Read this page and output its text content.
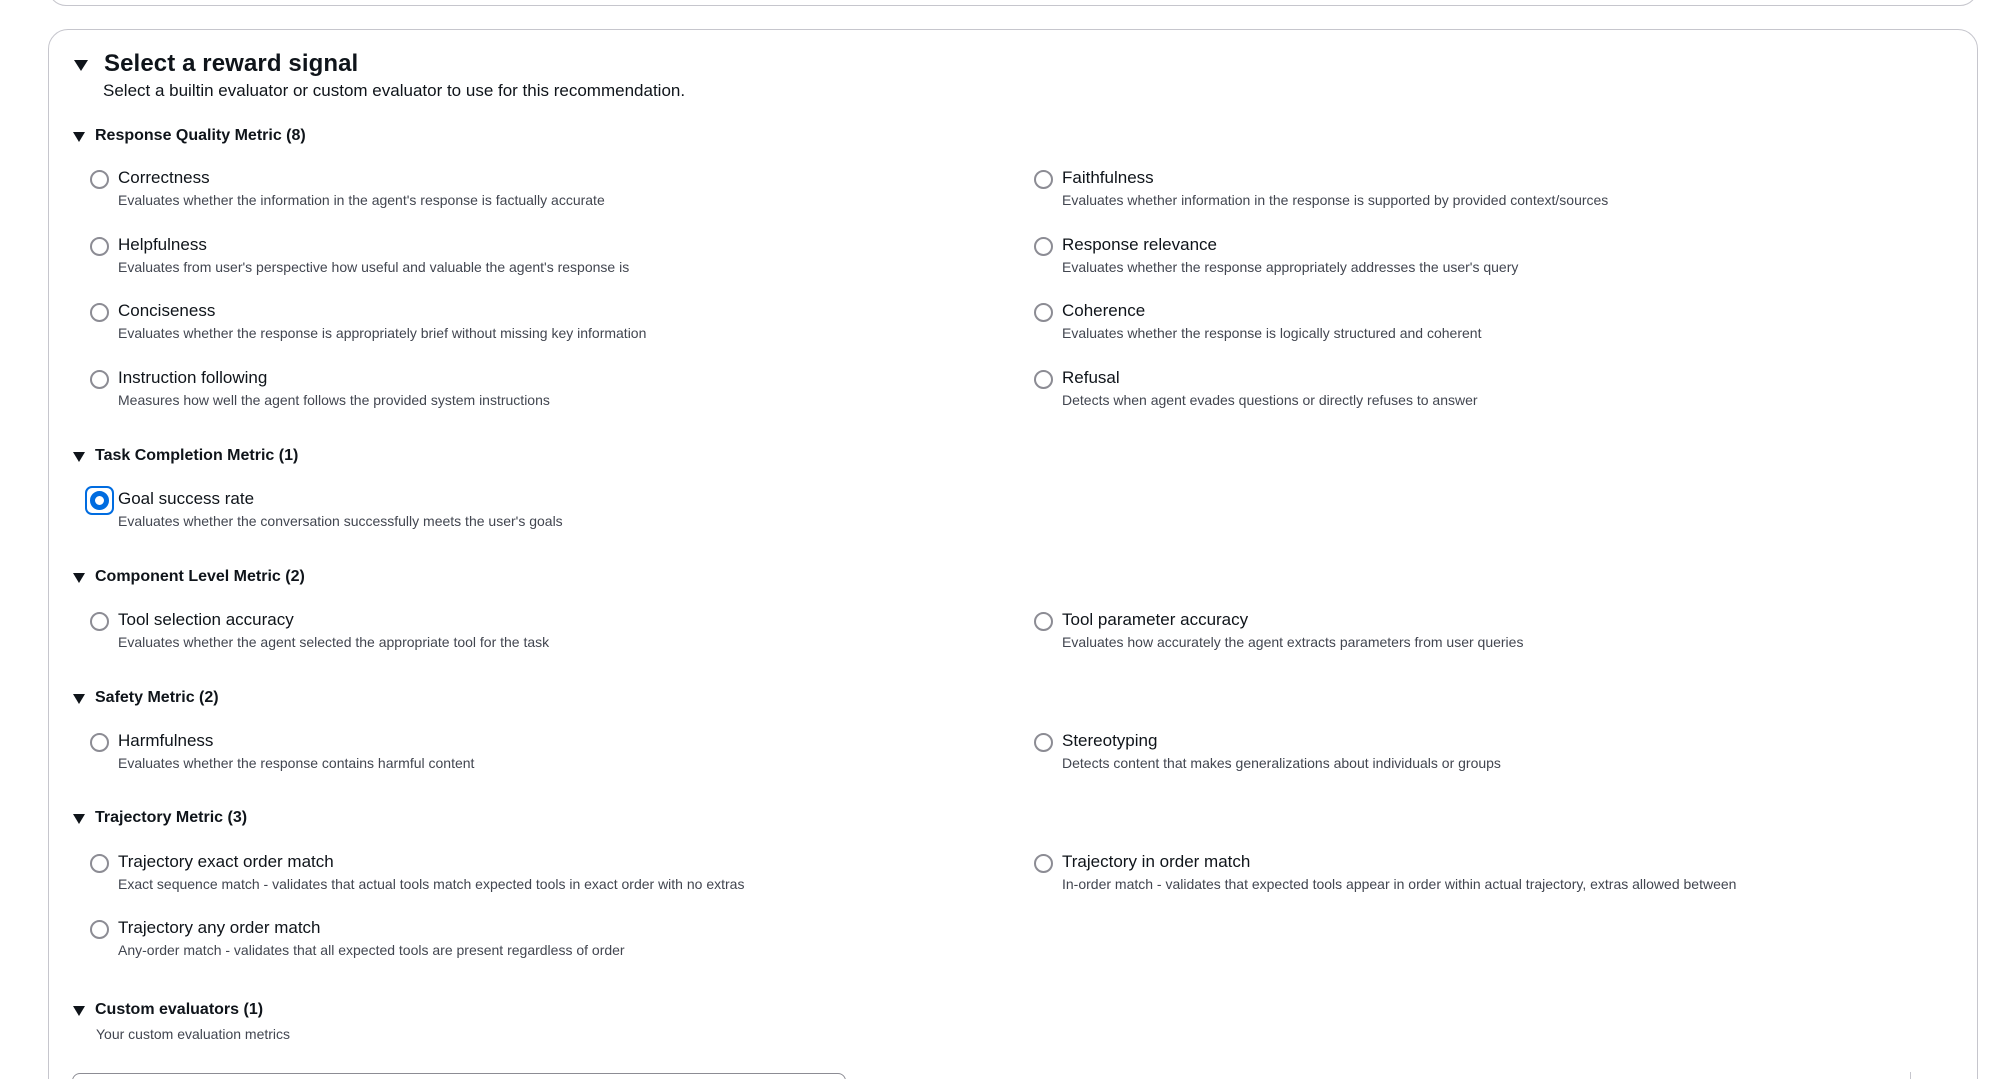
Select a reward signal
Select a builtin evaluator or custom evaluator to use for this recommendation.
Response Quality Metric (8)
Correctness
Evaluates whether the information in the agent's response is factually accurate
Faithfulness
Evaluates whether information in the response is supported by provided context/sources
Helpfulness
Evaluates from user's perspective how useful and valuable the agent's response is
Response relevance
Evaluates whether the response appropriately addresses the user's query
Conciseness
Evaluates whether the response is appropriately brief without missing key information
Coherence
Evaluates whether the response is logically structured and coherent
Instruction following
Measures how well the agent follows the provided system instructions
Refusal
Detects when agent evades questions or directly refuses to answer
Task Completion Metric (1)
Goal success rate
Evaluates whether the conversation successfully meets the user's goals
Component Level Metric (2)
Tool selection accuracy
Evaluates whether the agent selected the appropriate tool for the task
Tool parameter accuracy
Evaluates how accurately the agent extracts parameters from user queries
Safety Metric (2)
Harmfulness
Evaluates whether the response contains harmful content
Stereotyping
Detects content that makes generalizations about individuals or groups
Trajectory Metric (3)
Trajectory exact order match
Exact sequence match - validates that actual tools match expected tools in exact order with no extras
Trajectory in order match
In-order match - validates that expected tools appear in order within actual trajectory, extras allowed between
Trajectory any order match
Any-order match - validates that all expected tools are present regardless of order
Custom evaluators (1)
Your custom evaluation metrics
